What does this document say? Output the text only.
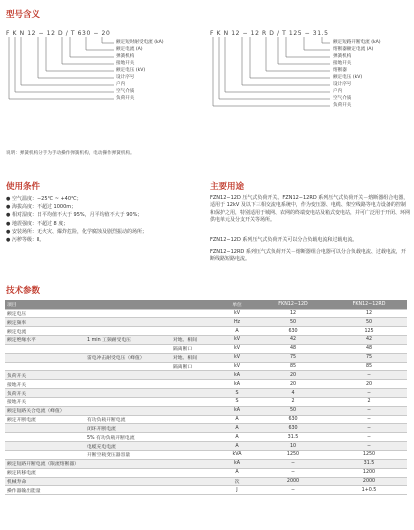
型号含义
F K N 12 − 12 D / T 630 − 20
额定短时耐受电流 (kA)
额定电流 (A)
弹簧机构
接地开关
额定电压 (kV)
设计序号
户内
空气介质
负荷开关
F K N 12 − 12 R D / T 125 − 31.5
额定短路开断电流 (kA)
熔断器额定电流 (A)
弹簧机构
接地开关
熔断器
额定电压 (kV)
设计序号
户内
空气介质
负荷开关
说明：弹簧机构分手为手动操作弹簧机构，电动操作弹簧机构。
使用条件
● 空气温度：−25℃ ~ +40℃；
● 海拔高度：不超过 1000m；
● 相对湿度：日平均值不大于 95%，月平均值不大于 90%；
● 地震强度：不超过 8 度；
● 安装场所：无火灾、爆炸危险，化学腐蚀及剧烈振动的场所；
● 污秽等级：Ⅱ。
主要用途
FZN12−12D 压气式负荷开关、FZN12−12RD 系列压气式负荷开关－熔断器组合电器，适用于 12kV 及以下三相交流电系统中，作为变压器、电缆、架空线路等电力设备的控制和保护之用，特别适用于城网、农网的终端变电站及箱式变电站，并可广泛用于开闭、环网供电单元及分支开关等场所。
FZN12−12D 系列压气式负荷开关可以分合负载电流和过载电流。
FZN12−12RD 系列压气式负荷开关－熔断器组合电器可以分合负载电流、过载电流，开断线路短路电流。
技术参数
项目			单位	FKN12−12D	FKN12−12RD
额定电压			kV	12	12
额定频率			Hz	50	50
额定电流			A	630	125
额定绝缘水平	1 min 工频耐受电压	对地、相间	kV	42	42
		隔离断口	kV	48	48
	雷电冲击耐受电压（峰值）	对地、相间	kV	75	75
		隔离断口	kV	85	85
负荷开关			kA	20	−
接地开关			kA	20	20
负荷开关			S	4	−
接地开关			S	2	2
额定短路关合电流（峰值）			kA	50	−
额定开断电流	有功负载开断电流		A	630	−
	闭环开断电流		A	630	−
	5% 有功负载开断电流		A	31.5	−
	电缆充电电流		A	10	−
	开断空载变压器容量		kVA	1250	1250
额定短路开断电流（限流熔断器）			kA	−	31.5
额定转移电流			A	−	1200
机械寿命			次	2000	2000
操作器输出能量			J	−	1+0.5
